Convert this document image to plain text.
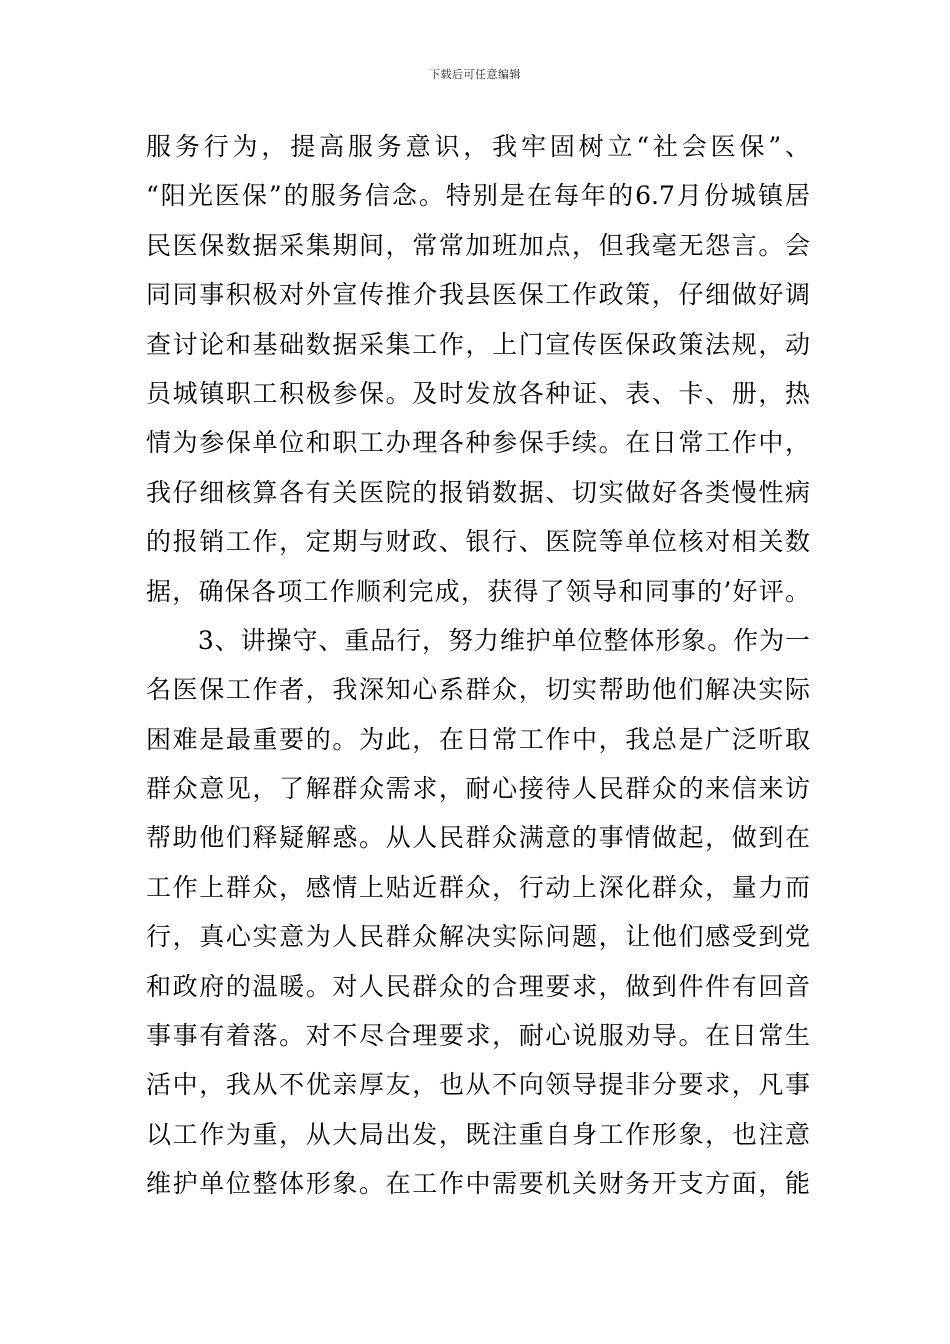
下载后可任意编辑
服务行为，提高服务意识，我牢固树立“社会医保”、
“阳光医保”的服务信念。特别是在每年的6.7月份城镇居
民医保数据采集期间，常常加班加点，但我毫无怨言。会
同同事积极对外宣传推介我县医保工作政策，仔细做好调
查讨论和基础数据采集工作，上门宣传医保政策法规，动
员城镇职工积极参保。及时发放各种证、表、卡、册，热
情为参保单位和职工办理各种参保手续。在日常工作中，
我仔细核算各有关医院的报销数据、切实做好各类慢性病
的报销工作，定期与财政、银行、医院等单位核对相关数
据，确保各项工作顺利完成，获得了领导和同事的’好评。
　　3、讲操守、重品行，努力维护单位整体形象。作为一
名医保工作者，我深知心系群众，切实帮助他们解决实际
困难是最重要的。为此，在日常工作中，我总是广泛听取
群众意见，了解群众需求，耐心接待人民群众的来信来访
帮助他们释疑解惑。从人民群众满意的事情做起，做到在
工作上群众，感情上贴近群众，行动上深化群众，量力而
行，真心实意为人民群众解决实际问题，让他们感受到党
和政府的温暖。对人民群众的合理要求，做到件件有回音
事事有着落。对不尽合理要求，耐心说服劝导。在日常生
活中，我从不优亲厚友，也从不向领导提非分要求，凡事
以工作为重，从大局出发，既注重自身工作形象，也注意
维护单位整体形象。在工作中需要机关财务开支方面，能
